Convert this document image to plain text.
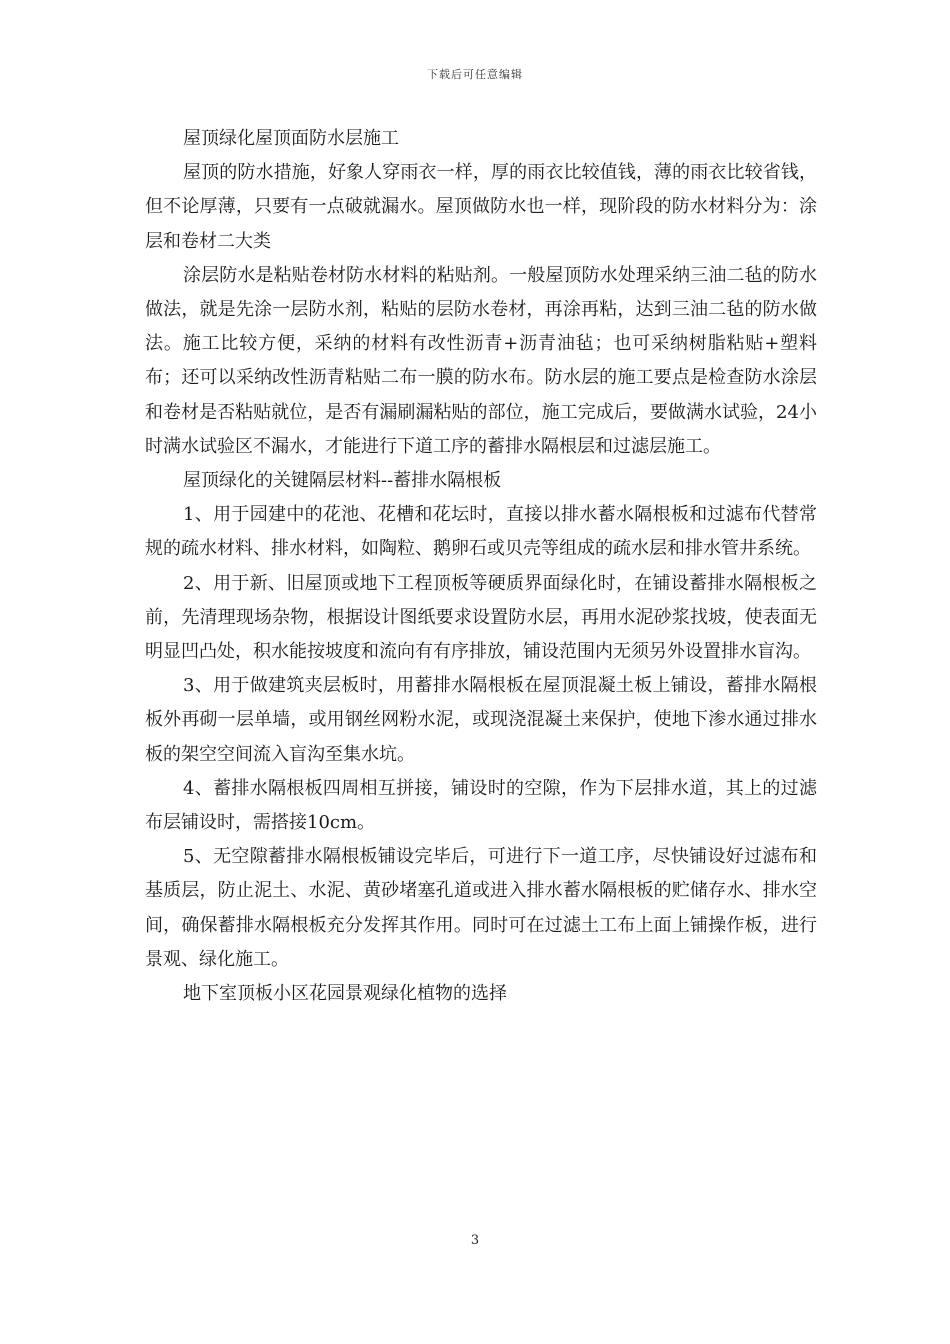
下载后可任意编辑

屋顶绿化屋顶面防水层施工

屋顶的防水措施，好象人穿雨衣一样，厚的雨衣比较值钱，薄的雨衣比较省钱，但不论厚薄，只要有一点破就漏水。屋顶做防水也一样，现阶段的防水材料分为：涂层和卷材二大类

涂层防水是粘贴卷材防水材料的粘贴剂。一般屋顶防水处理采纳三油二毡的防水做法，就是先涂一层防水剂，粘贴的层防水卷材，再涂再粘，达到三油二毡的防水做法。施工比较方便，采纳的材料有改性沥青+沥青油毡；也可采纳树脂粘贴+塑料布；还可以采纳改性沥青粘贴二布一膜的防水布。防水层的施工要点是检查防水涂层和卷材是否粘贴就位，是否有漏刷漏粘贴的部位，施工完成后，要做满水试验，24小时满水试验区不漏水，才能进行下道工序的蓄排水隔根层和过滤层施工。

屋顶绿化的关键隔层材料--蓄排水隔根板

1、用于园建中的花池、花槽和花坛时，直接以排水蓄水隔根板和过滤布代替常规的疏水材料、排水材料，如陶粒、鹅卵石或贝壳等组成的疏水层和排水管井系统。

2、用于新、旧屋顶或地下工程顶板等硬质界面绿化时，在铺设蓄排水隔根板之前，先清理现场杂物，根据设计图纸要求设置防水层，再用水泥砂浆找坡，使表面无明显凹凸处，积水能按坡度和流向有有序排放，铺设范围内无须另外设置排水盲沟。

3、用于做建筑夹层板时，用蓄排水隔根板在屋顶混凝土板上铺设，蓄排水隔根板外再砌一层单墙，或用钢丝网粉水泥，或现浇混凝土来保护，使地下渗水通过排水板的架空空间流入盲沟至集水坑。

4、蓄排水隔根板四周相互拼接，铺设时的空隙，作为下层排水道，其上的过滤布层铺设时，需搭接10cm。

5、无空隙蓄排水隔根板铺设完毕后，可进行下一道工序，尽快铺设好过滤布和基质层，防止泥土、水泥、黄砂堵塞孔道或进入排水蓄水隔根板的贮储存水、排水空间，确保蓄排水隔根板充分发挥其作用。同时可在过滤土工布上面上铺操作板，进行景观、绿化施工。

地下室顶板小区花园景观绿化植物的选择

3
